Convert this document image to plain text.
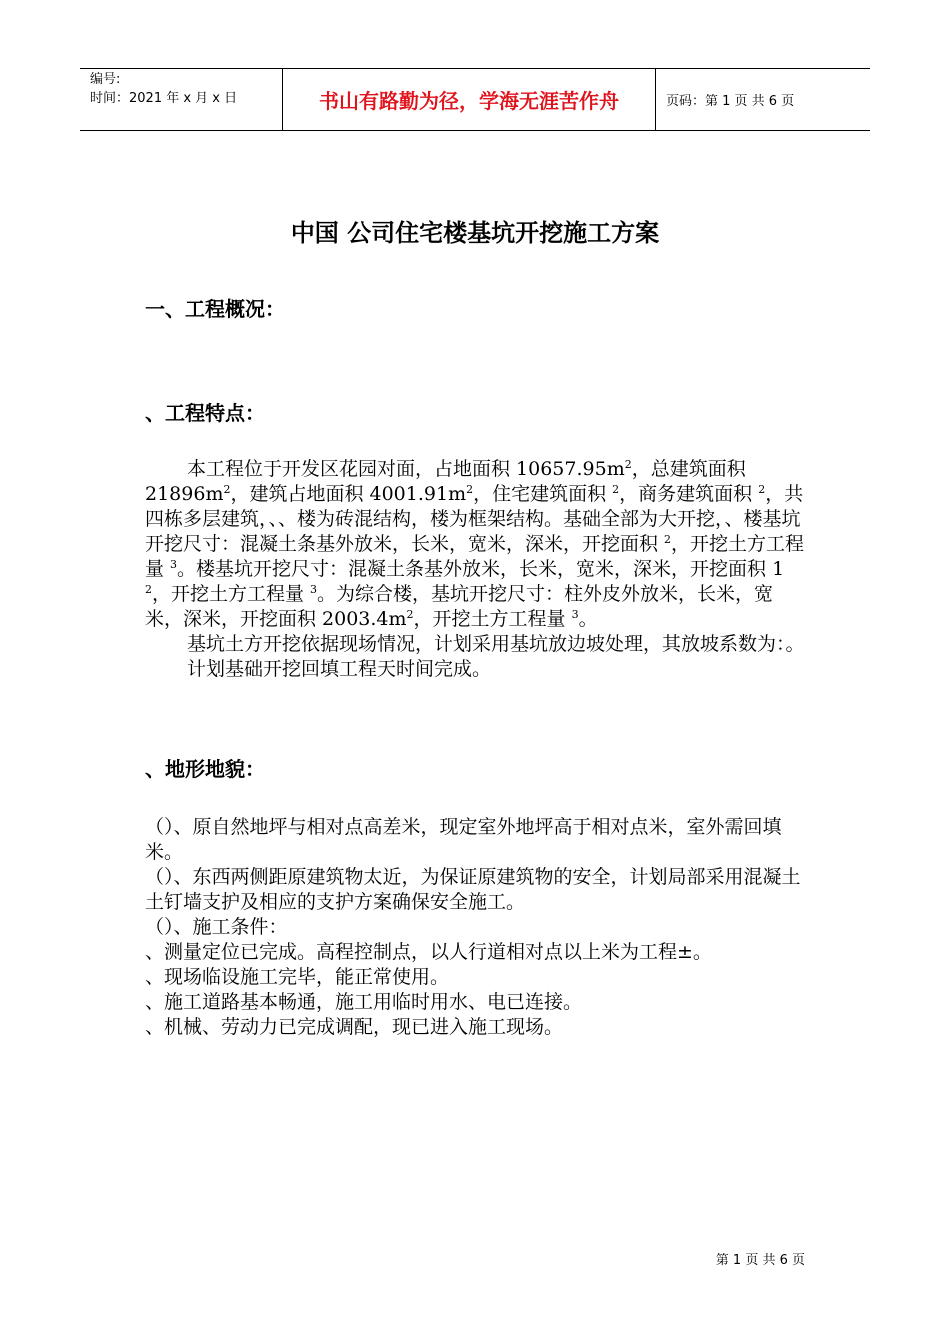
编号:
时间：2021 年 x 月 x 日	书山有路勤为径，学海无涯苦作舟	页码：第 1 页 共 6 页
中国 公司住宅楼基坑开挖施工方案
一、工程概况：
、工程特点：

本工程位于开发区花园对面，占地面积 $10657.95m^2$，总建筑面积 $21896m^2$，建筑占地面积 $4001.91m^2$，住宅建筑面积 $^2$，商务建筑面积 $^2$，共四栋多层建筑，、、楼为砖混结构，楼为框架结构。基础全部为大开挖，、楼基坑开挖尺寸：混凝土条基外放米，长米，宽米，深米，开挖面积 $^2$，开挖土方工程量 $^3$。楼基坑开挖尺寸：混凝土条基外放米，长米，宽米，深米，开挖面积 1 $^2$，开挖土方工程量 $^3$。为综合楼，基坑开挖尺寸：柱外皮外放米，长米，宽米，深米，开挖面积 $2003.4m^2$，开挖土方工程量 $^3$。

基坑土方开挖依据现场情况，计划采用基坑放边坡处理，其放坡系数为：。

计划基础开挖回填工程天时间完成。

、地形地貌：

（）、原自然地坪与相对点高差米，现定室外地坪高于相对点米，室外需回填米。

（）、东西两侧距原建筑物太近，为保证原建筑物的安全，计划局部采用混凝土土钉墙支护及相应的支护方案确保安全施工。

（）、施工条件：

、测量定位已完成。高程控制点，以人行道相对点以上米为工程±。

、现场临设施工完毕，能正常使用。

、施工道路基本畅通，施工用临时用水、电已连接。

、机械、劳动力已完成调配，现已进入施工现场。

第 1 页 共 6 页
